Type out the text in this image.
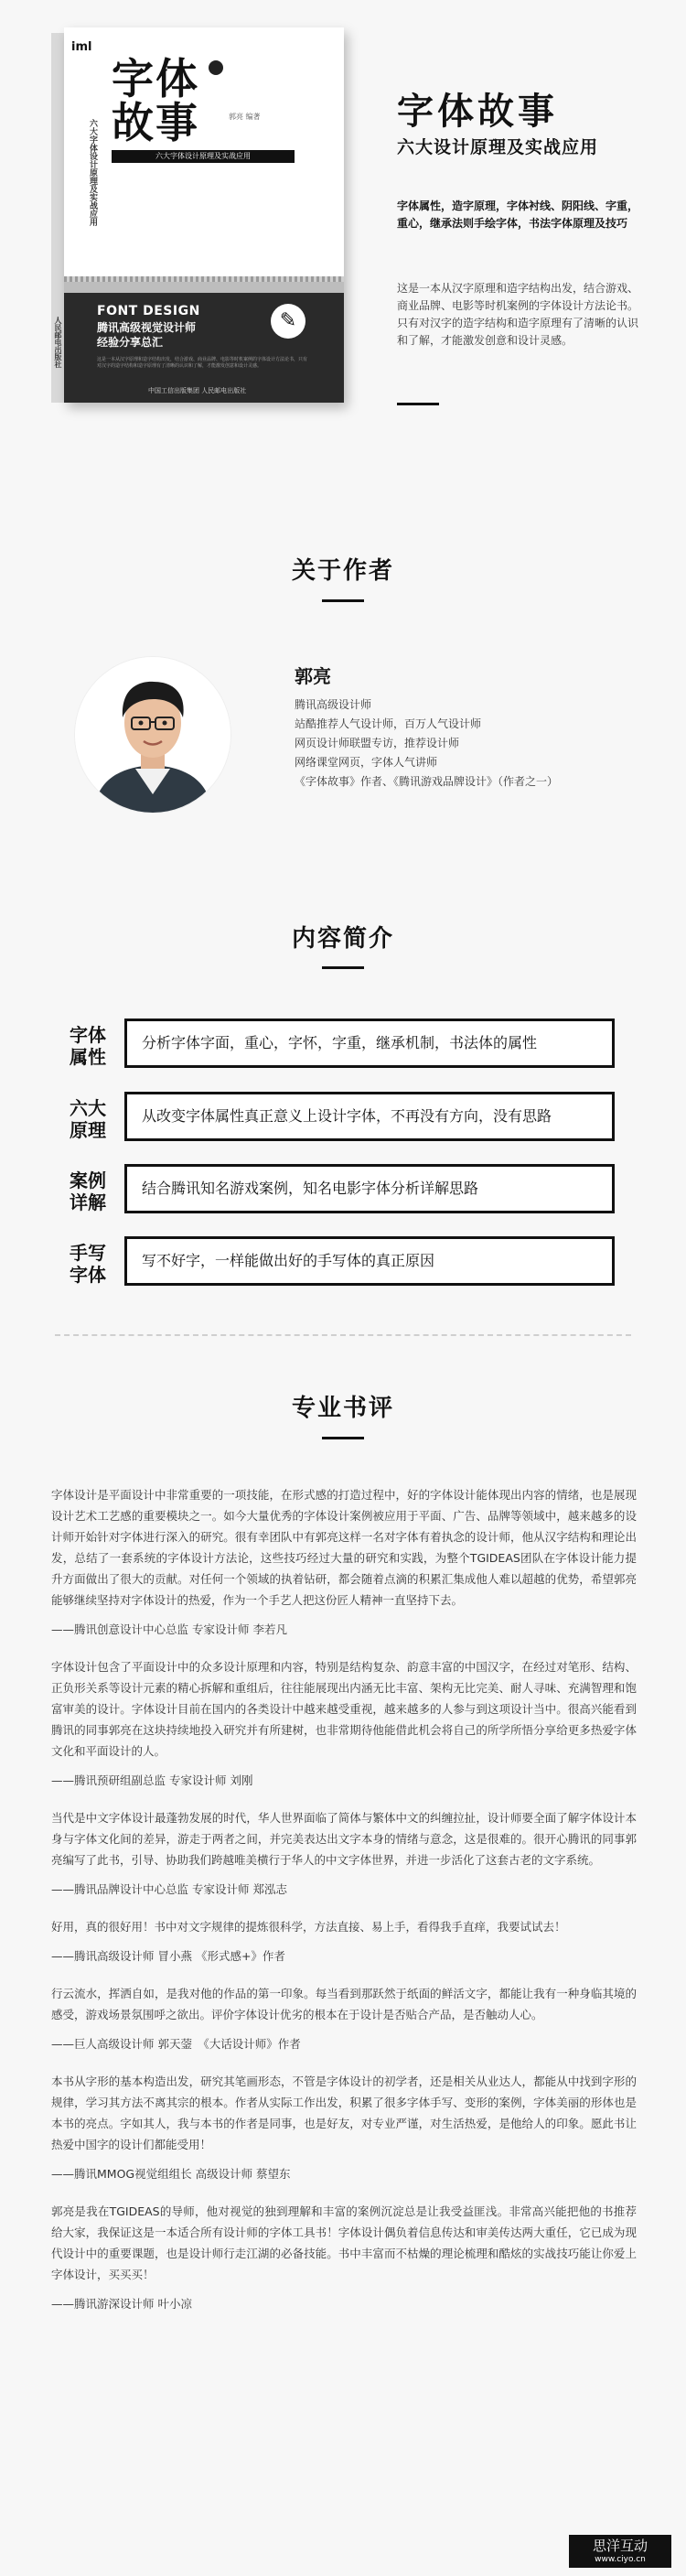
人民邮电出版社
iml
六大字体设计原理及实战应用
字体
故事	郭亮 编著
六大字体设计原理及实战应用
FONT DESIGN
腾讯高级视觉设计师
经验分享总汇
✎
这是一本从汉字原理和造字结构出发，结合游戏、商业品牌、电影等时机案例的字体设计方法论书，只有对汉字的造字结构和造字原理有了清晰的认识和了解，才能激发创意和设计灵感。
中国工信出版集团 人民邮电出版社
字体故事
六大设计原理及实战应用
字体属性，造字原理，字体衬线、阴阳线、字重，重心，继承法则手绘字体，书法字体原理及技巧
这是一本从汉字原理和造字结构出发，结合游戏、商业品牌、电影等时机案例的字体设计方法论书。只有对汉字的造字结构和造字原理有了清晰的认识和了解，才能激发创意和设计灵感。
关于作者
郭亮
腾讯高级设计师
站酷推荐人气设计师，百万人气设计师
网页设计师联盟专访，推荐设计师
网络课堂网页，字体人气讲师
《字体故事》作者、《腾讯游戏品牌设计》（作者之一）
内容简介
字体
属性
分析字体字面，重心，字怀，字重，继承机制，书法体的属性
六大
原理
从改变字体属性真正意义上设计字体，不再没有方向，没有思路
案例
详解
结合腾讯知名游戏案例，知名电影字体分析详解思路
手写
字体
写不好字，一样能做出好的手写体的真正原因
专业书评

字体设计是平面设计中非常重要的一项技能，在形式感的打造过程中，好的字体设计能体现出内容的情绪，也是展现设计艺术工艺感的重要模块之一。如今大量优秀的字体设计案例被应用于平面、广告、品牌等领域中，越来越多的设计师开始针对字体进行深入的研究。很有幸团队中有郭亮这样一名对字体有着执念的设计师，他从汉字结构和理论出发，总结了一套系统的字体设计方法论，这些技巧经过大量的研究和实践，为整个TGIDEAS团队在字体设计能力提升方面做出了很大的贡献。对任何一个领域的执着钻研，都会随着点滴的积累汇集成他人难以超越的优势，希望郭亮能够继续坚持对字体设计的热爱，作为一个手艺人把这份匠人精神一直坚持下去。

——腾讯创意设计中心总监 专家设计师 李若凡

字体设计包含了平面设计中的众多设计原理和内容，特别是结构复杂、韵意丰富的中国汉字，在经过对笔形、结构、正负形关系等设计元素的精心拆解和重组后，往往能展现出内涵无比丰富、架构无比完美、耐人寻味、充满智理和饱富审美的设计。字体设计目前在国内的各类设计中越来越受重视，越来越多的人参与到这项设计当中。很高兴能看到腾讯的同事郭亮在这块持续地投入研究并有所建树，也非常期待他能借此机会将自己的所学所悟分享给更多热爱字体文化和平面设计的人。

——腾讯预研组副总监 专家设计师 刘刚

当代是中文字体设计最蓬勃发展的时代，华人世界面临了简体与繁体中文的纠缠拉扯，设计师要全面了解字体设计本身与字体文化间的差异，游走于两者之间，并完美表达出文字本身的情绪与意念，这是很难的。很开心腾讯的同事郭亮编写了此书，引导、协助我们跨越唯美横行于华人的中文字体世界，并进一步活化了这套古老的文字系统。

——腾讯品牌设计中心总监 专家设计师 郑泓志

好用，真的很好用！书中对文字规律的提炼很科学，方法直接、易上手，看得我手直痒，我要试试去！

——腾讯高级设计师 冒小燕 《形式感+》作者

行云流水，挥洒自如，是我对他的作品的第一印象。每当看到那跃然于纸面的鲜活文字，都能让我有一种身临其境的感受，游戏场景氛围呼之欲出。评价字体设计优劣的根本在于设计是否贴合产品，是否触动人心。

——巨人高级设计师 郭天蓥　《大话设计师》作者

本书从字形的基本构造出发，研究其笔画形态，不管是字体设计的初学者，还是相关从业达人，都能从中找到字形的规律，学习其方法不离其宗的根本。作者从实际工作出发，积累了很多字体手写、变形的案例，字体美丽的形体也是本书的亮点。字如其人，我与本书的作者是同事，也是好友，对专业严谨，对生活热爱，是他给人的印象。愿此书让热爱中国字的设计们都能受用！

——腾讯MMOG视觉组组长 高级设计师 蔡望东

郭亮是我在TGIDEAS的导师，他对视觉的独到理解和丰富的案例沉淀总是让我受益匪浅。非常高兴能把他的书推荐给大家，我保证这是一本适合所有设计师的字体工具书！字体设计偶负着信息传达和审美传达两大重任，它已成为现代设计中的重要课题，也是设计师行走江湖的必备技能。书中丰富而不枯燥的理论梳理和酷炫的实战技巧能让你爱上字体设计，买买买！

——腾讯游深设计师 叶小凉

思洋互动
www.ciyo.cn
